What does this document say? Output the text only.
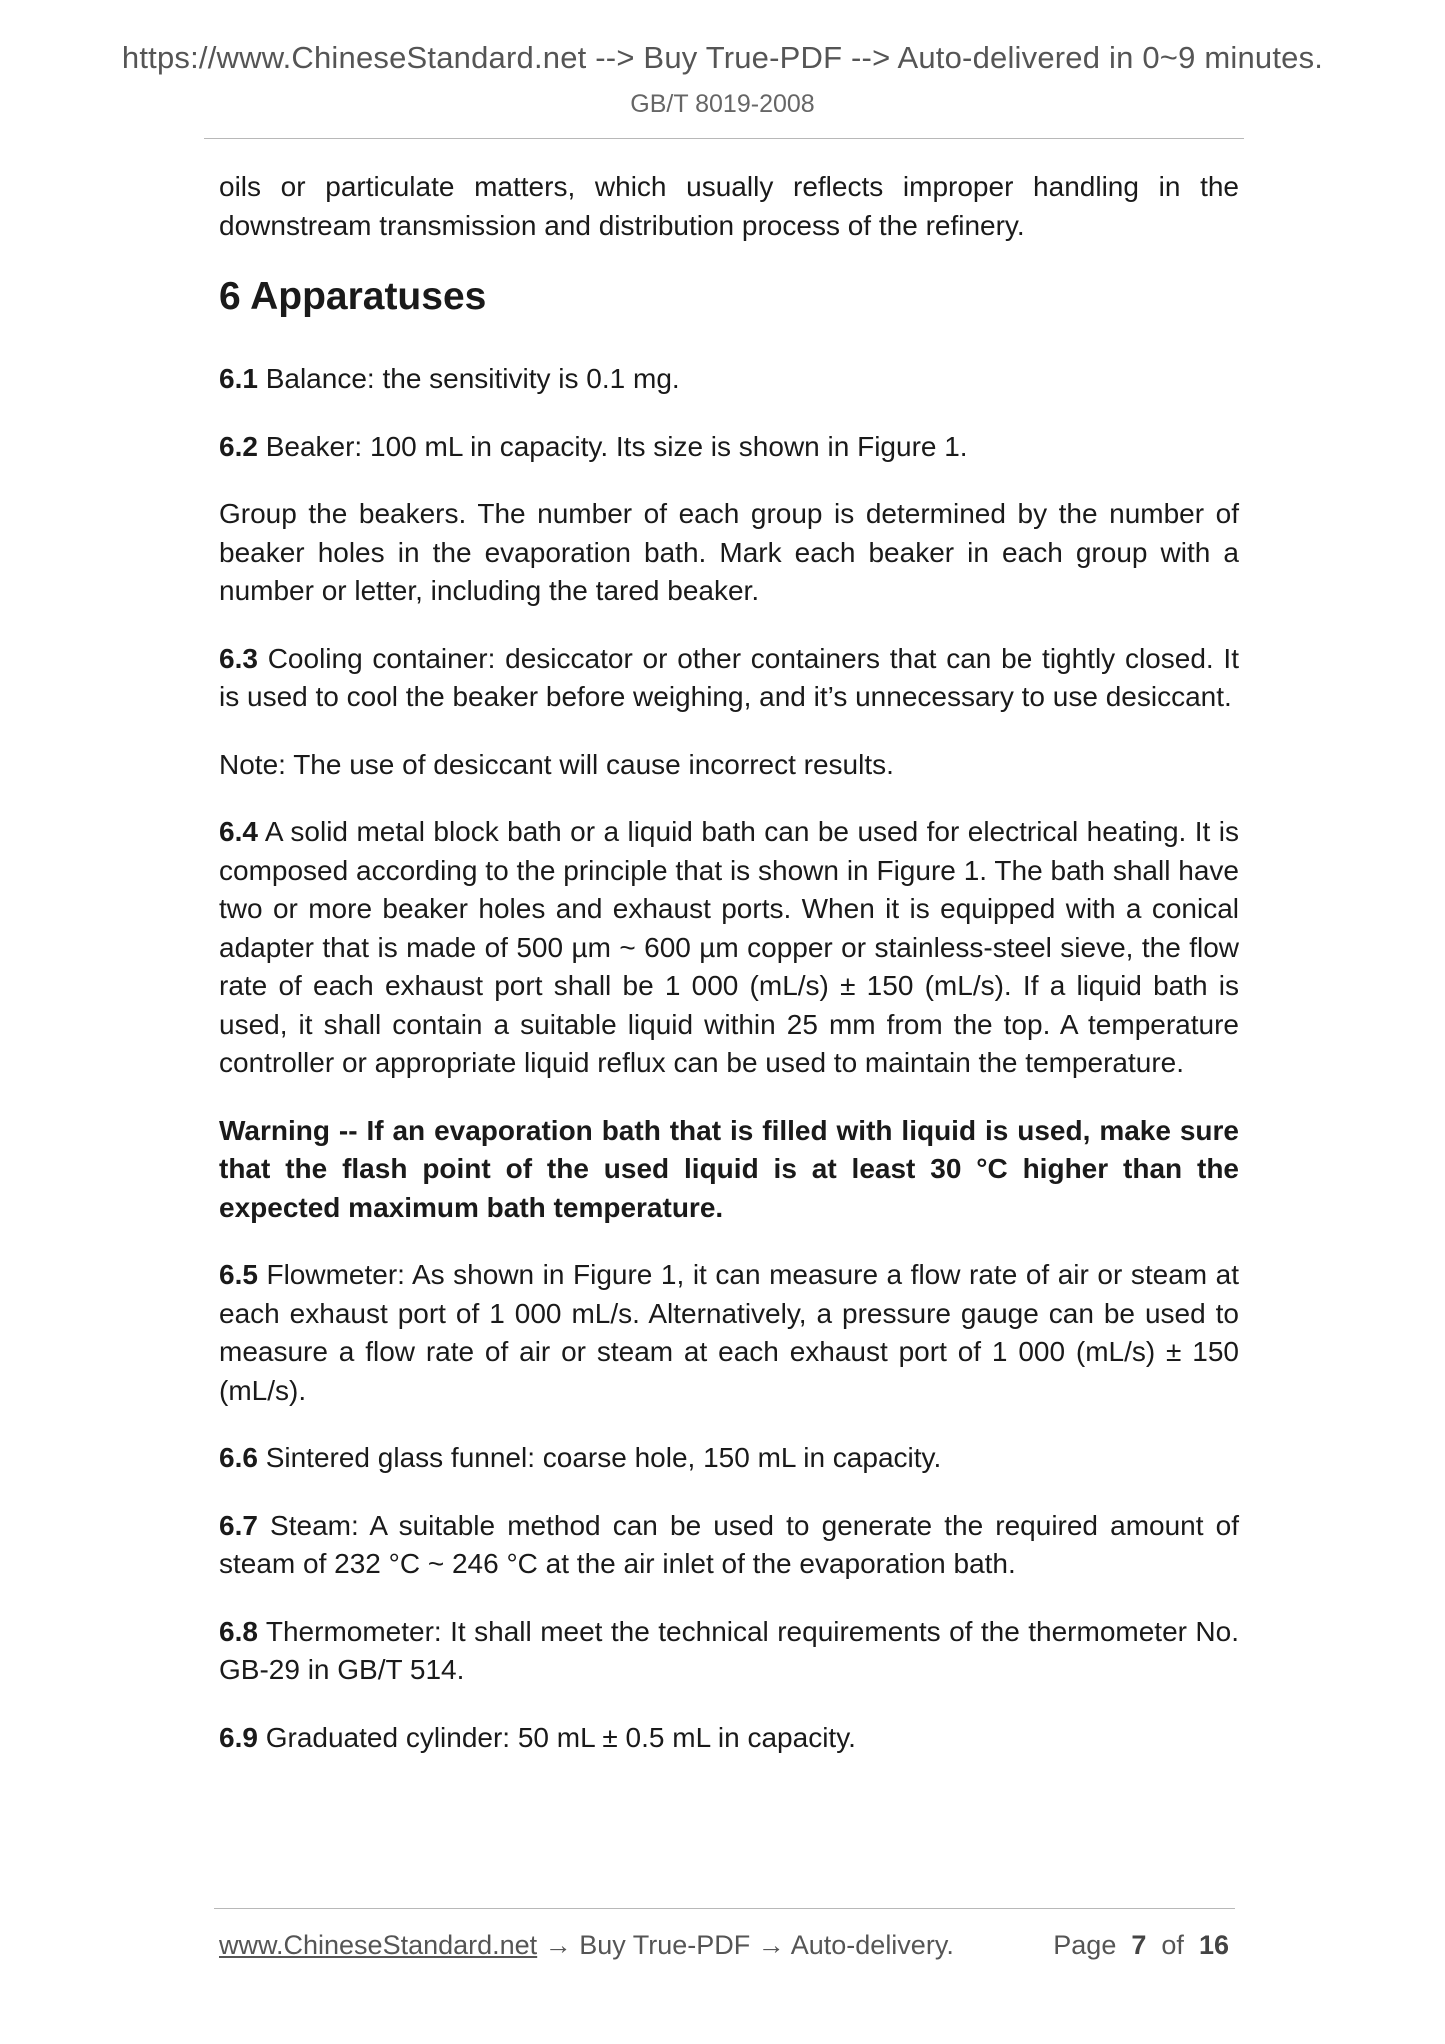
https://www.ChineseStandard.net --> Buy True-PDF --> Auto-delivered in 0~9 minutes.
GB/T 8019-2008

oils or particulate matters, which usually reflects improper handling in the downstream transmission and distribution process of the refinery.

6 Apparatuses

6.1 Balance: the sensitivity is 0.1 mg.

6.2 Beaker: 100 mL in capacity. Its size is shown in Figure 1.

Group the beakers. The number of each group is determined by the number of beaker holes in the evaporation bath. Mark each beaker in each group with a number or letter, including the tared beaker.

6.3 Cooling container: desiccator or other containers that can be tightly closed. It is used to cool the beaker before weighing, and it’s unnecessary to use desiccant.

Note: The use of desiccant will cause incorrect results.

6.4 A solid metal block bath or a liquid bath can be used for electrical heating. It is composed according to the principle that is shown in Figure 1. The bath shall have two or more beaker holes and exhaust ports. When it is equipped with a conical adapter that is made of 500 µm ~ 600 µm copper or stainless-steel sieve, the flow rate of each exhaust port shall be 1 000 (mL/s) ± 150 (mL/s). If a liquid bath is used, it shall contain a suitable liquid within 25 mm from the top. A temperature controller or appropriate liquid reflux can be used to maintain the temperature.

Warning -- If an evaporation bath that is filled with liquid is used, make sure that the flash point of the used liquid is at least 30 °C higher than the expected maximum bath temperature.

6.5 Flowmeter: As shown in Figure 1, it can measure a flow rate of air or steam at each exhaust port of 1 000 mL/s. Alternatively, a pressure gauge can be used to measure a flow rate of air or steam at each exhaust port of 1 000 (mL/s) ± 150 (mL/s).

6.6 Sintered glass funnel: coarse hole, 150 mL in capacity.

6.7 Steam: A suitable method can be used to generate the required amount of steam of 232 °C ~ 246 °C at the air inlet of the evaporation bath.

6.8 Thermometer: It shall meet the technical requirements of the thermometer No. GB-29 in GB/T 514.

6.9 Graduated cylinder: 50 mL ± 0.5 mL in capacity.

www.ChineseStandard.net → Buy True-PDF → Auto-delivery.	Page 7 of 16
